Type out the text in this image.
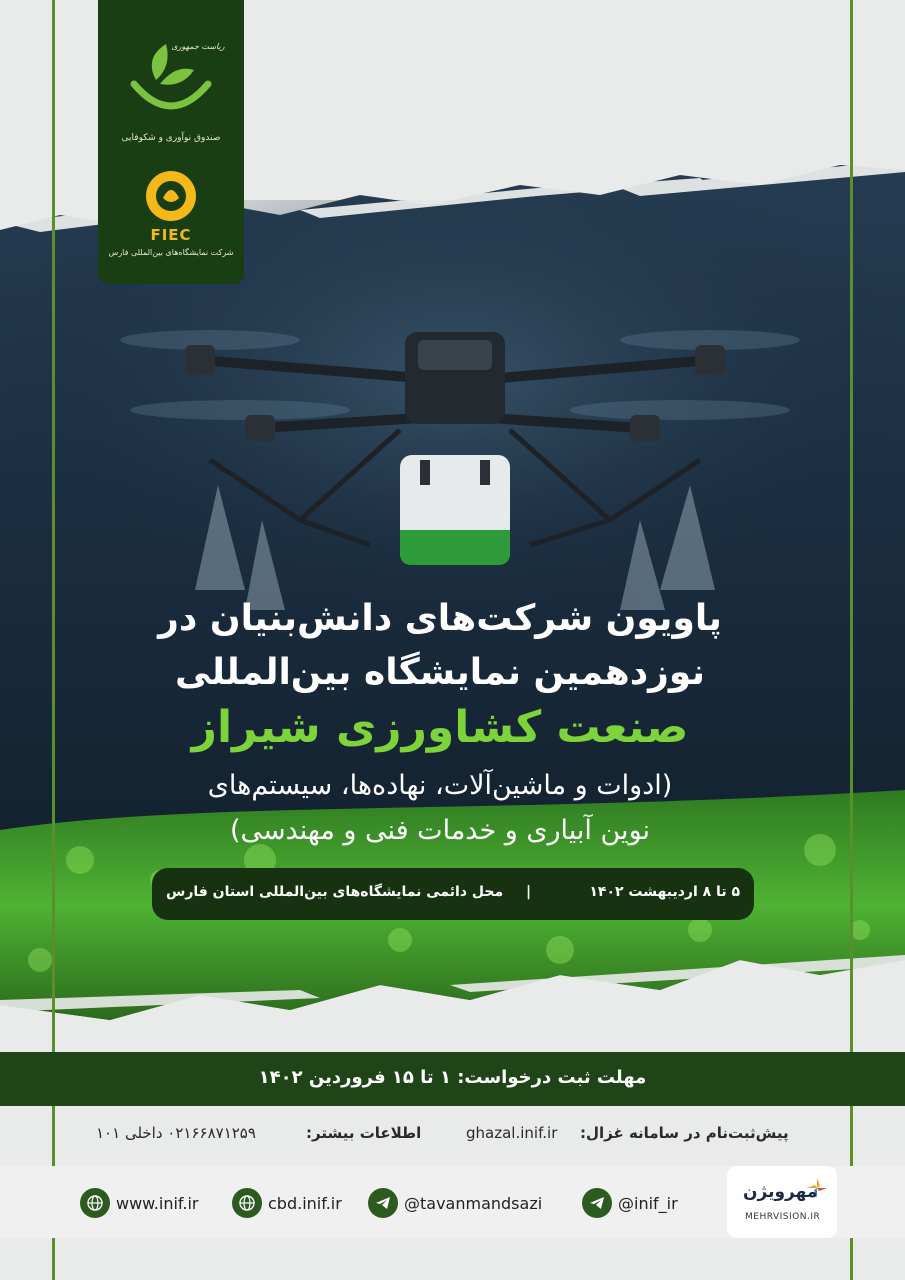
ریاست جمهوری
صندوق نوآوری و شکوفایی
FIEC
شرکت نمایشگاه‌های بین‌المللی فارس
پاویون شرکت‌های دانش‌بنیان در
نوزدهمین نمایشگاه بین‌المللی
صنعت کشاورزی شیراز
(ادوات و ماشین‌آلات، نهاده‌ها، سیستم‌های
نوین آبیاری و خدمات فنی و مهندسی)
۵ تا ۸ اردیبهشت ۱۴۰۲
|
محل دائمی نمایشگاه‌های بین‌المللی استان فارس
مهلت ثبت درخواست: ۱ تا ۱۵ فروردین ۱۴۰۲
پیش‌ثبت‌نام در سامانه غزال:
ghazal.inif.ir
اطلاعات بیشتر:
۰۲۱۶۶۸۷۱۲۵۹ داخلی ۱۰۱
www.inif.ir	cbd.inif.ir	@tavanmandsazi	@inif_ir
مهرویژن
MEHRVISION.IR
